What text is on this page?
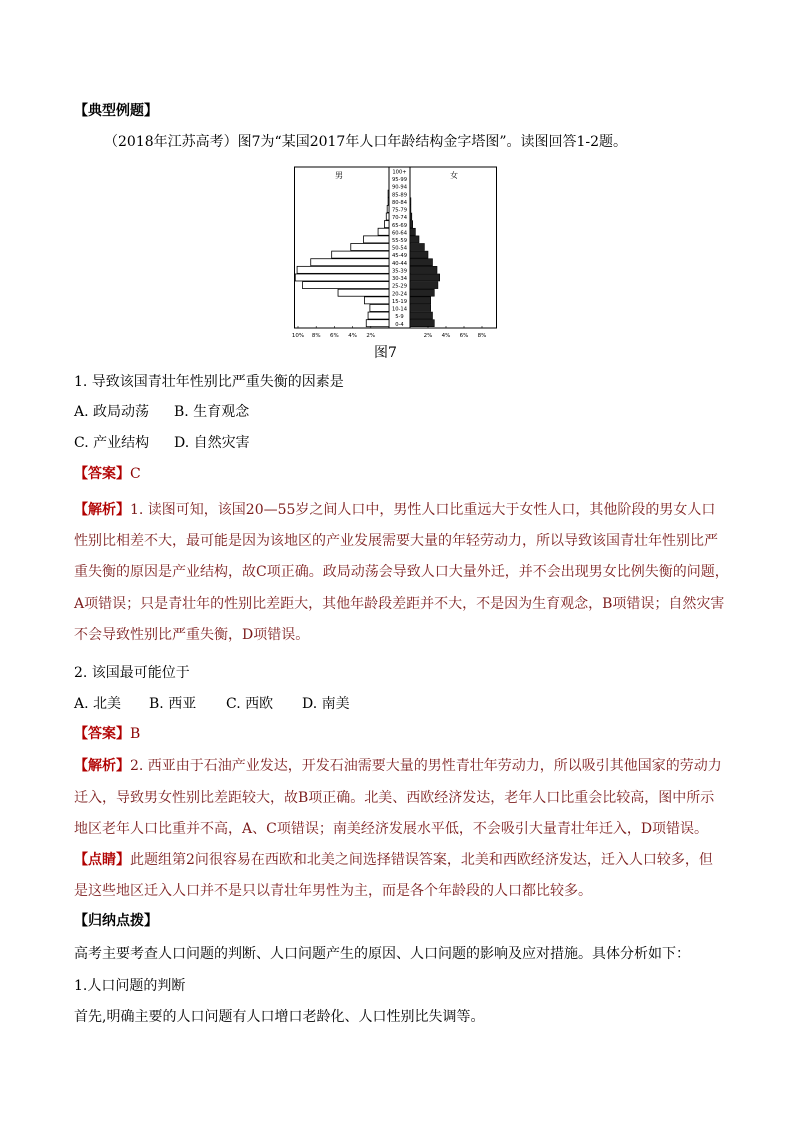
【典型例题】
（2018年江苏高考）图7为“某国2017年人口年龄结构金字塔图”。读图回答1-2题。
男	女
0-4
5-9
10-14
15-19
20-24
25-29
30-34
35-39
40-44
45-49
50-54
55-59
60-64
65-69
70-74
75-79
80-84
85-89
90-94
95-99
100+
10% 8% 6% 4% 2%	2% 4% 6% 8%
图7
1. 导致该国青壮年性别比严重失衡的因素是
A. 政局动荡 B. 生育观念
C. 产业结构 D. 自然灾害
【答案】C
【解析】1. 读图可知，该国20—55岁之间人口中，男性人口比重远大于女性人口，其他阶段的男女人口
性别比相差不大，最可能是因为该地区的产业发展需要大量的年轻劳动力，所以导致该国青壮年性别比严
重失衡的原因是产业结构，故C项正确。政局动荡会导致人口大量外迁，并不会出现男女比例失衡的问题，
A项错误；只是青壮年的性别比差距大，其他年龄段差距并不大，不是因为生育观念，B项错误；自然灾害
不会导致性别比严重失衡，D项错误。
2. 该国最可能位于
A. 北美 B. 西亚 C. 西欧 D. 南美
【答案】B
【解析】2. 西亚由于石油产业发达，开发石油需要大量的男性青壮年劳动力，所以吸引其他国家的劳动力
迁入，导致男女性别比差距较大，故B项正确。北美、西欧经济发达，老年人口比重会比较高，图中所示
地区老年人口比重并不高，A、C项错误；南美经济发展水平低，不会吸引大量青壮年迁入，D项错误。
【点睛】此题组第2问很容易在西欧和北美之间选择错误答案，北美和西欧经济发达，迁入人口较多，但
是这些地区迁入人口并不是只以青壮年男性为主，而是各个年龄段的人口都比较多。
【归纳点拨】
高考主要考查人口问题的判断、人口问题产生的原因、人口问题的影响及应对措施。具体分析如下：
1.人口问题的判断
首先,明确主要的人口问题有人口增口老龄化、人口性别比失调等。
